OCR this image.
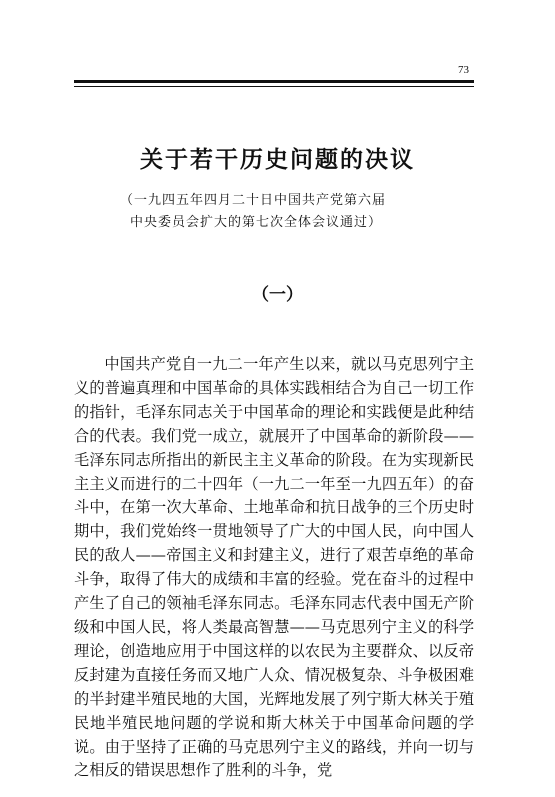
73
关于若干历史问题的决议
（一九四五年四月二十日中国共产党第六届
中央委员会扩大的第七次全体会议通过）
（一）

中国共产党自一九二一年产生以来，就以马克思列宁主义的普遍真理和中国革命的具体实践相结合为自己一切工作的指针，毛泽东同志关于中国革命的理论和实践便是此种结合的代表。我们党一成立，就展开了中国革命的新阶段——毛泽东同志所指出的新民主主义革命的阶段。在为实现新民主主义而进行的二十四年（一九二一年至一九四五年）的奋斗中，在第一次大革命、土地革命和抗日战争的三个历史时期中，我们党始终一贯地领导了广大的中国人民，向中国人民的敌人——帝国主义和封建主义，进行了艰苦卓绝的革命斗争，取得了伟大的成绩和丰富的经验。党在奋斗的过程中产生了自己的领袖毛泽东同志。毛泽东同志代表中国无产阶级和中国人民，将人类最高智慧——马克思列宁主义的科学理论，创造地应用于中国这样的以农民为主要群众、以反帝反封建为直接任务而又地广人众、情况极复杂、斗争极困难的半封建半殖民地的大国，光辉地发展了列宁斯大林关于殖民地半殖民地问题的学说和斯大林关于中国革命问题的学说。由于坚持了正确的马克思列宁主义的路线，并向一切与之相反的错误思想作了胜利的斗争，党
